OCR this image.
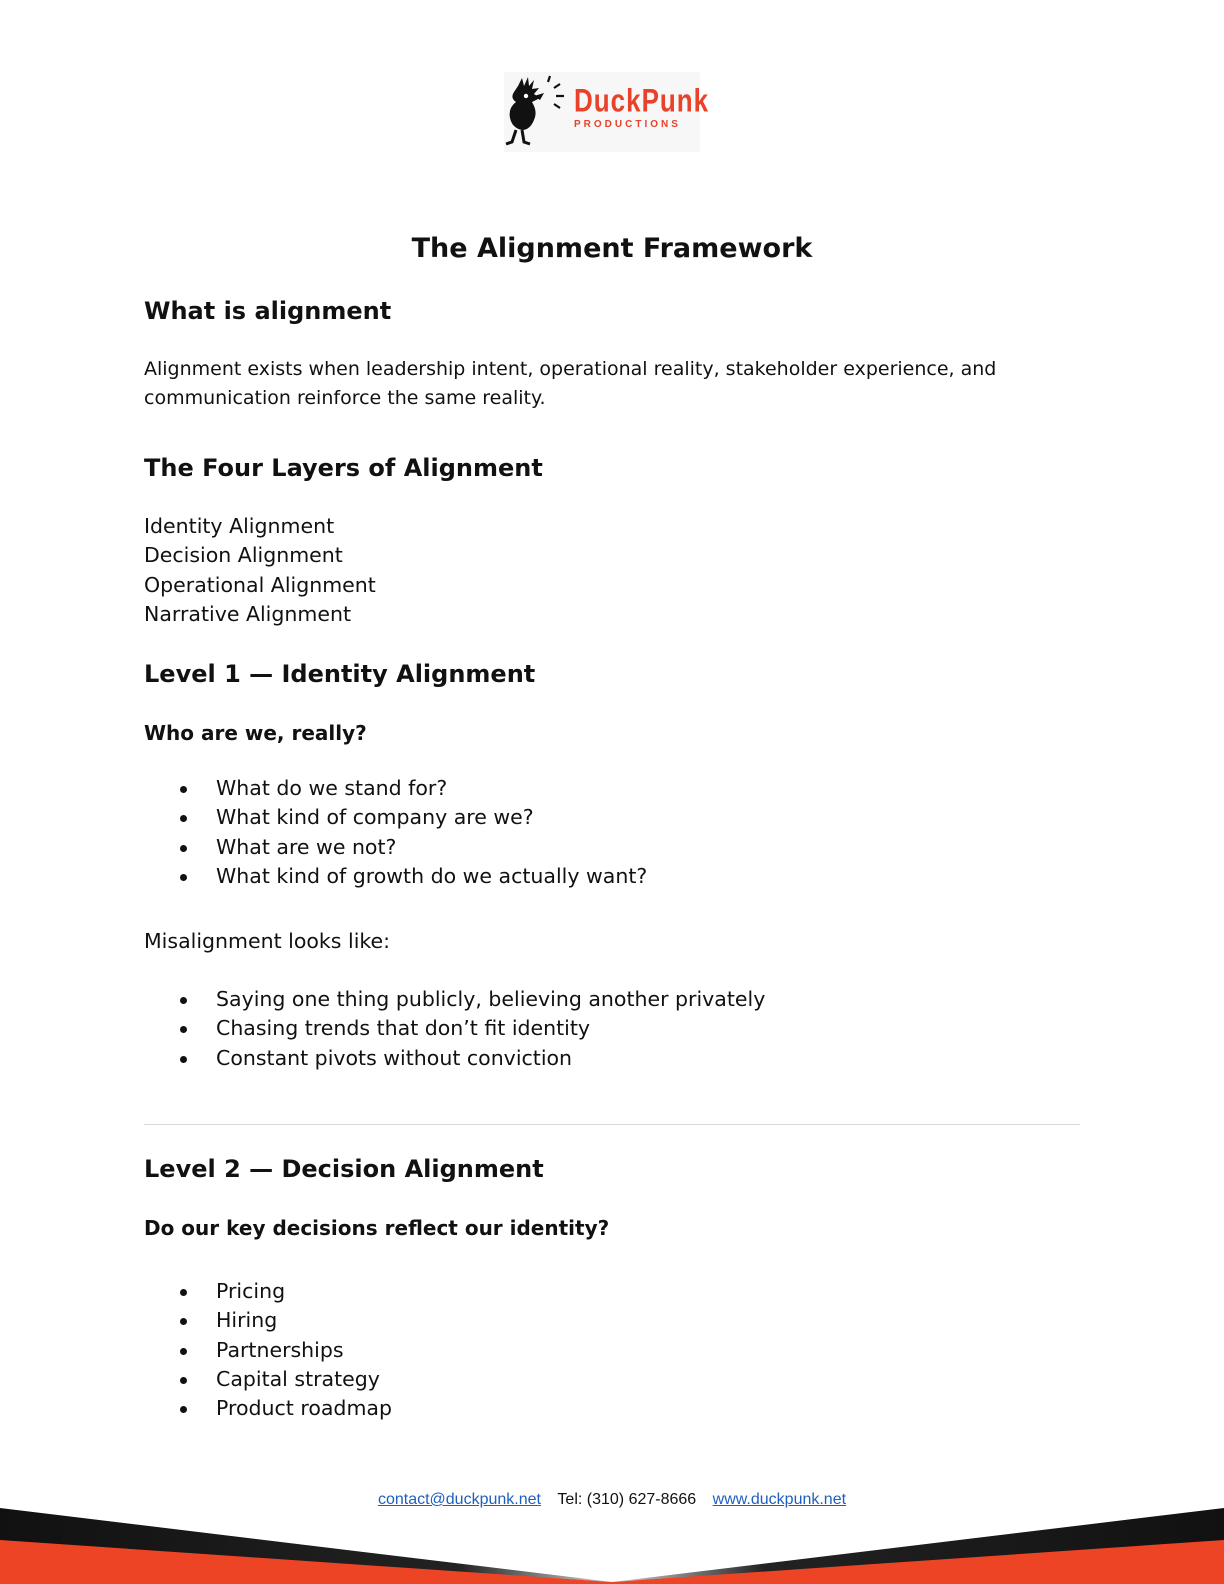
DuckPunk
PRODUCTIONS
The Alignment Framework
What is alignment

Alignment exists when leadership intent, operational reality, stakeholder experience, and communication reinforce the same reality.

The Four Layers of Alignment
Identity Alignment
Decision Alignment
Operational Alignment
Narrative Alignment
Level 1 — Identity Alignment
Who are we, really?
What do we stand for?
What kind of company are we?
What are we not?
What kind of growth do we actually want?

Misalignment looks like:

Saying one thing publicly, believing another privately
Chasing trends that don’t fit identity
Constant pivots without conviction
Level 2 — Decision Alignment
Do our key decisions reflect our identity?
Pricing
Hiring
Partnerships
Capital strategy
Product roadmap
contact@duckpunk.net Tel: (310) 627-8666 www.duckpunk.net
